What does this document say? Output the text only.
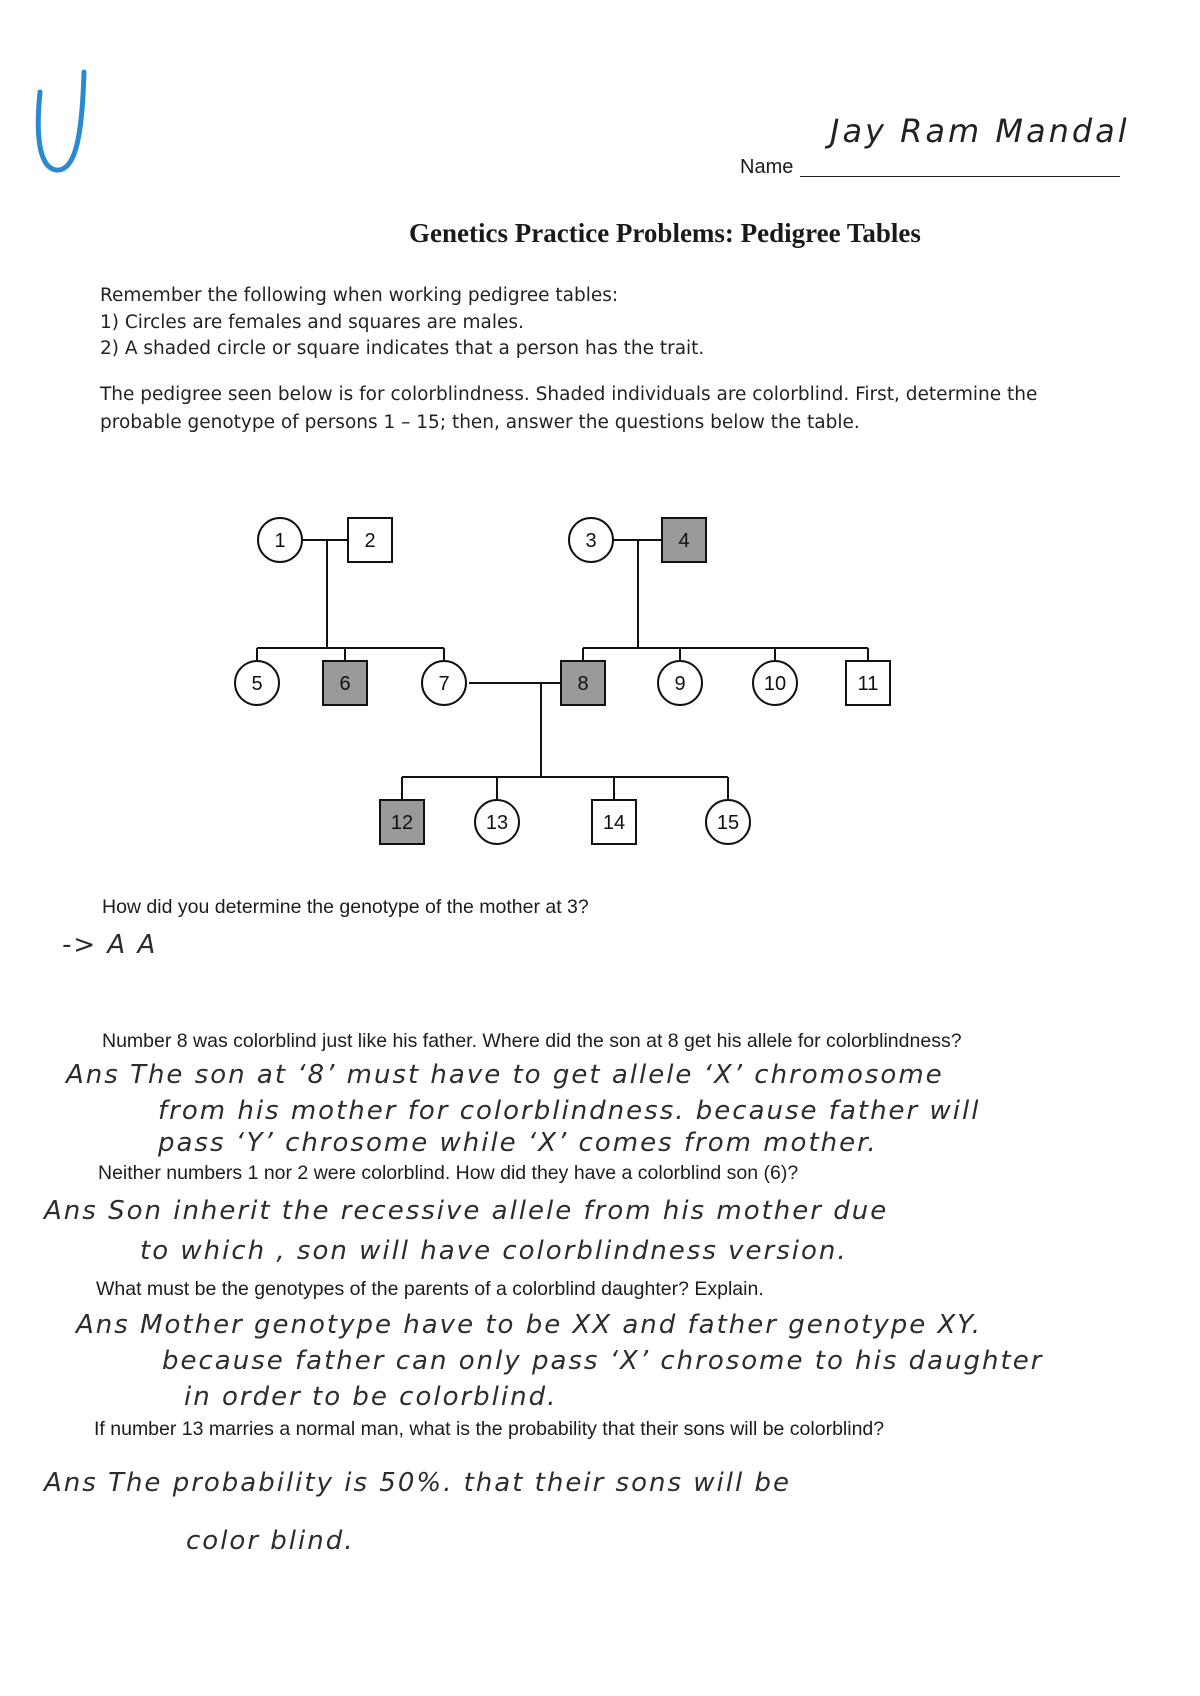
Name
Jay Ram Mandal
Genetics Practice Problems: Pedigree Tables
Remember the following when working pedigree tables:
1) Circles are females and squares are males.
2) A shaded circle or square indicates that a person has the trait.
The pedigree seen below is for colorblindness. Shaded individuals are colorblind. First, determine the
probable genotype of persons 1 – 15; then, answer the questions below the table.
1	2	3	4
5	6	7	8	9	10	11
12	13	14	15
How did you determine the genotype of the mother at 3?
-> A A
Number 8 was colorblind just like his father. Where did the son at 8 get his allele for colorblindness?
Ans The son at ‘8’ must have to get allele ‘X’ chromosome
from his mother for colorblindness. because father will
pass ‘Y’ chrosome while ‘X’ comes from mother.
Neither numbers 1 nor 2 were colorblind. How did they have a colorblind son (6)?
Ans Son inherit the recessive allele from his mother due
to which , son will have colorblindness version.
What must be the genotypes of the parents of a colorblind daughter? Explain.
Ans Mother genotype have to be XX and father genotype XY.
because father can only pass ‘X’ chrosome to his daughter
in order to be colorblind.
If number 13 marries a normal man, what is the probability that their sons will be colorblind?
Ans The probability is 50%. that their sons will be
color blind.
